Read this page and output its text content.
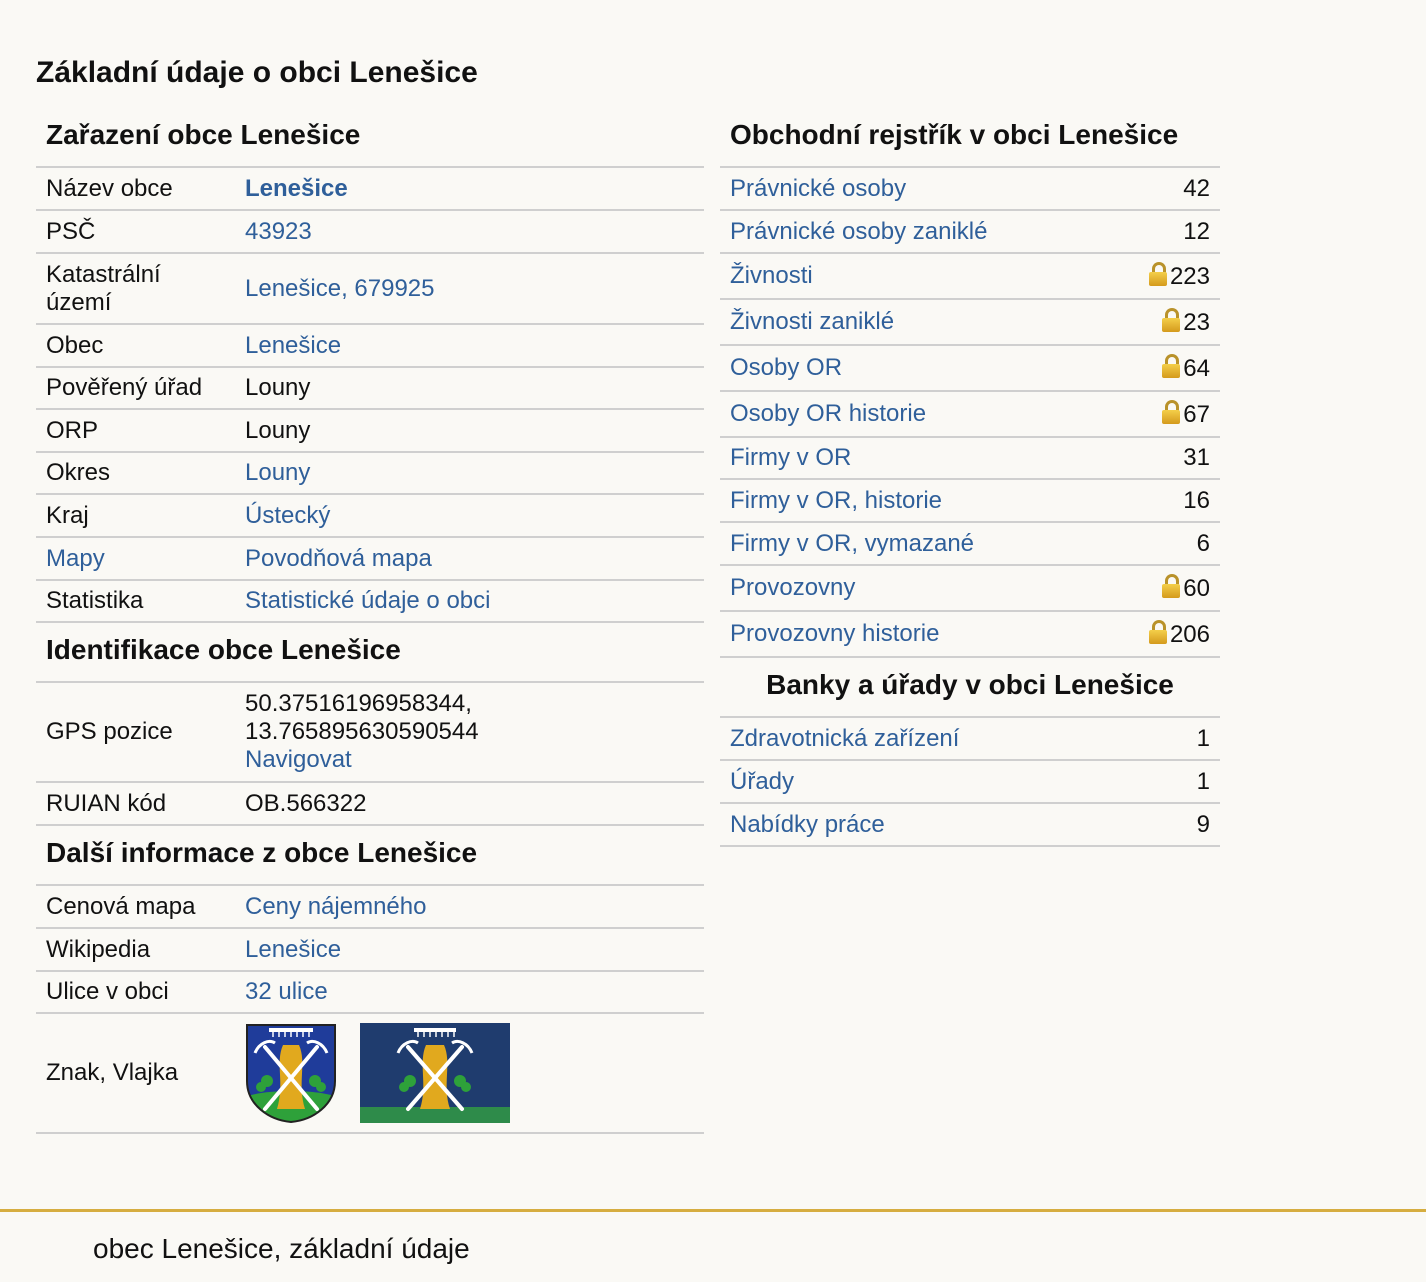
Základní údaje o obci Lenešice
Zařazení obce Lenešice
Název obce	Lenešice
PSČ	43923
Katastrální území	Lenešice, 679925
Obec	Lenešice
Pověřený úřad	Louny
ORP	Louny
Okres	Louny
Kraj	Ústecký
Mapy	Povodňová mapa
Statistika	Statistické údaje o obci
Identifikace obce Lenešice
GPS pozice	50.37516196958344,
13.765895630590544
Navigovat
RUIAN kód	OB.566322
Další informace z obce Lenešice
Cenová mapa	Ceny nájemného
Wikipedia	Lenešice
Ulice v obci	32 ulice
Znak, Vlajka	

Obchodní rejstřík v obci Lenešice
Právnické osoby	42
Právnické osoby zaniklé	12
Živnosti	223
Živnosti zaniklé	23
Osoby OR	64
Osoby OR historie	67
Firmy v OR	31
Firmy v OR, historie	16
Firmy v OR, vymazané	6
Provozovny	60
Provozovny historie	206
Banky a úřady v obci Lenešice
Zdravotnická zařízení	1
Úřady	1
Nabídky práce	9
obec Lenešice, základní údaje
